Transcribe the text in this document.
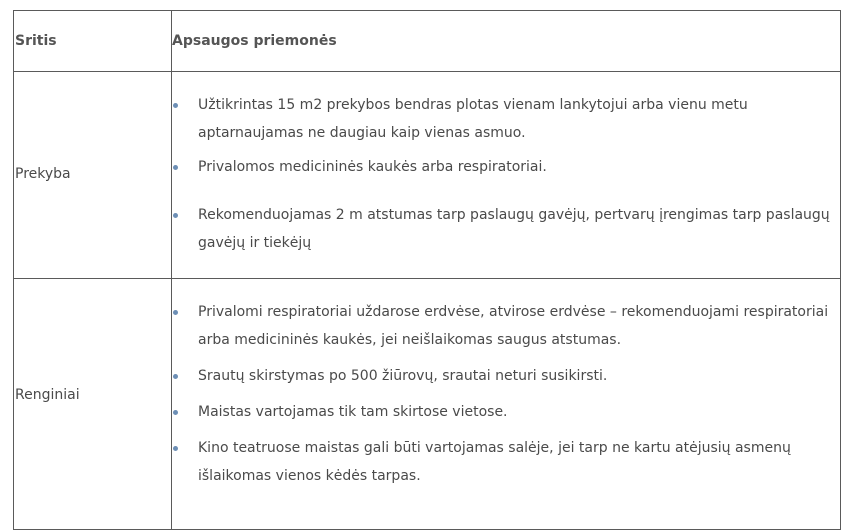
Sritis	Apsaugos priemonės
Prekyba
Užtikrintas 15 m2 prekybos bendras plotas vienam lankytojui arba vienu metu aptarnaujamas ne daugiau kaip vienas asmuo.
Privalomos medicininės kaukės arba respiratoriai.
Rekomenduojamas 2 m atstumas tarp paslaugų gavėjų, pertvarų įrengimas tarp paslaugų gavėjų ir tiekėjų
Renginiai
Privalomi respiratoriai uždarose erdvėse, atvirose erdvėse – rekomenduojami respiratoriai arba medicininės kaukės, jei neišlaikomas saugus atstumas.
Srautų skirstymas po 500 žiūrovų, srautai neturi susikirsti.
Maistas vartojamas tik tam skirtose vietose.
Kino teatruose maistas gali būti vartojamas salėje, jei tarp ne kartu atėjusių asmenų išlaikomas vienos kėdės tarpas.
